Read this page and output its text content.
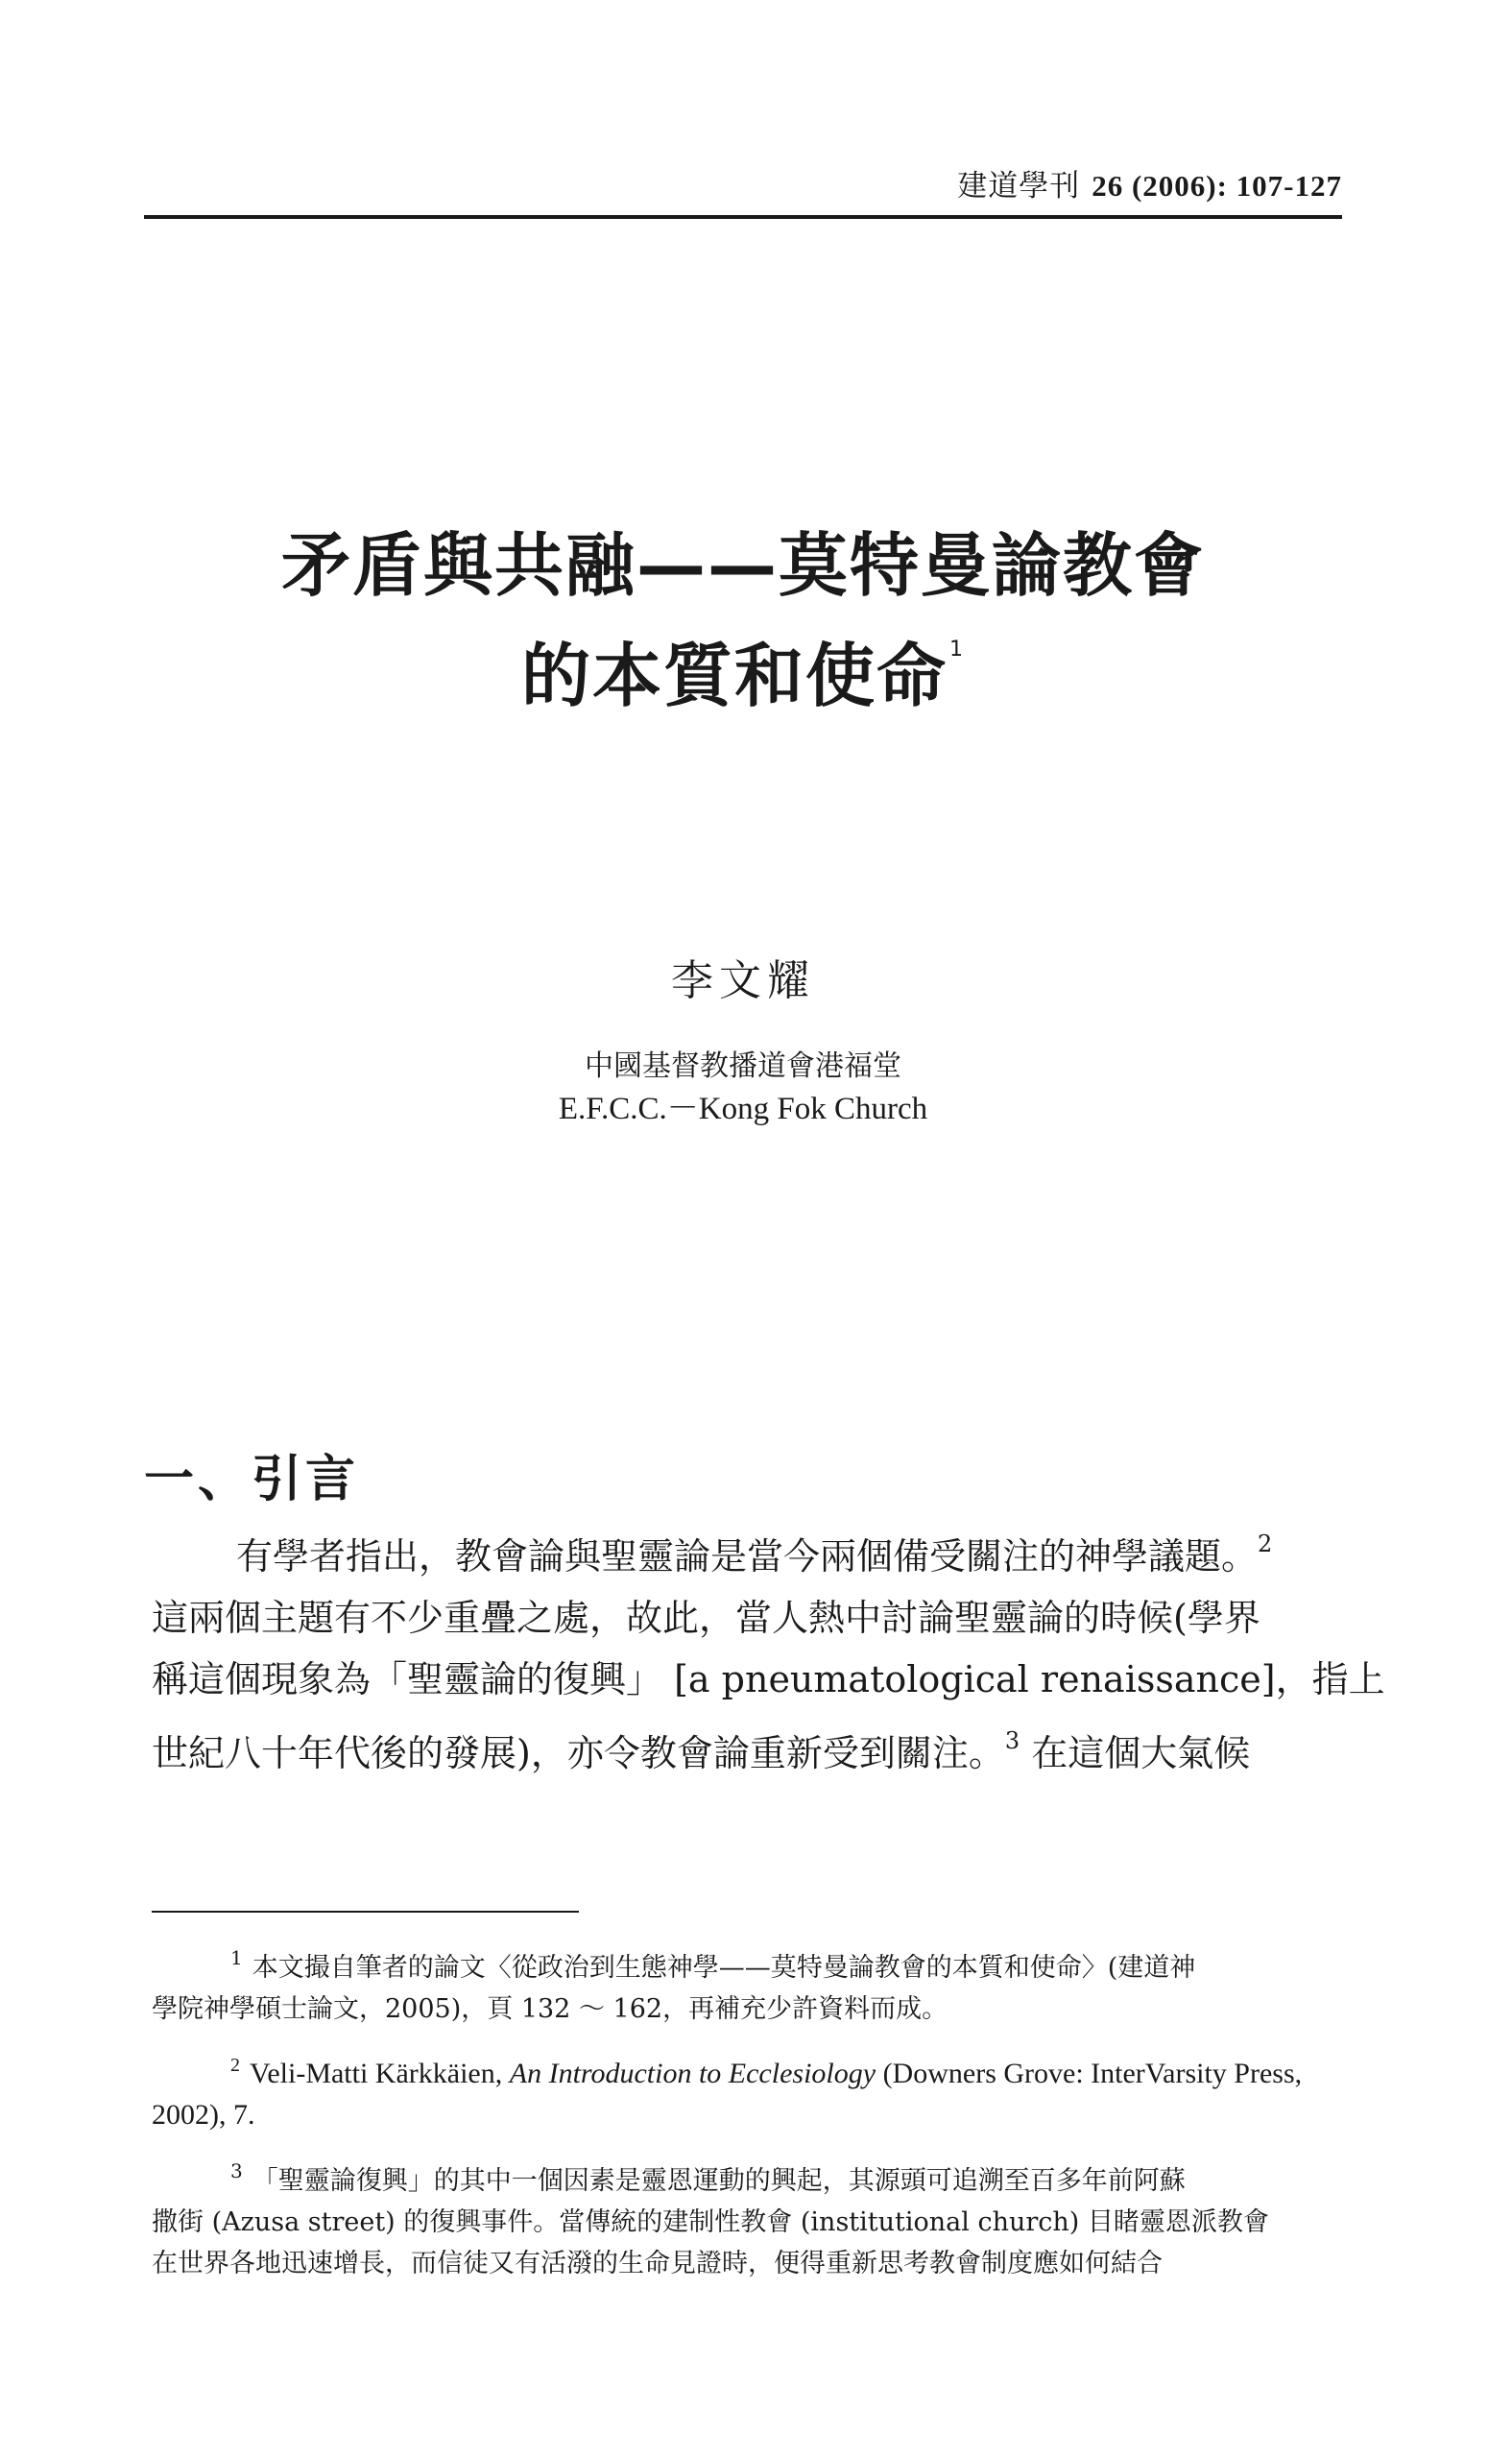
建道學刊 26 (2006): 107-127
矛盾與共融——莫特曼論教會
的本質和使命$^1$
李文耀
中國基督教播道會港福堂
E.F.C.C.－Kong Fok Church
一、引言
有學者指出，教會論與聖靈論是當今兩個備受關注的神學議題。$^2$
這兩個主題有不少重疊之處，故此，當人熱中討論聖靈論的時候(學界
稱這個現象為「聖靈論的復興」 [a pneumatological renaissance]，指上
世紀八十年代後的發展)，亦令教會論重新受到關注。$^3$ 在這個大氣候
$^1$ 本文撮自筆者的論文〈從政治到生態神學——莫特曼論教會的本質和使命〉(建道神
學院神學碩士論文，2005)，頁 132 ～ 162，再補充少許資料而成。
$^2$ Veli-Matti Kärkkäien, An Introduction to Ecclesiology (Downers Grove: InterVarsity Press,
2002), 7.
$^3$ 「聖靈論復興」的其中一個因素是靈恩運動的興起，其源頭可追溯至百多年前阿蘇
撒街 (Azusa street) 的復興事件。當傳統的建制性教會 (institutional church) 目睹靈恩派教會
在世界各地迅速增長，而信徒又有活潑的生命見證時，便得重新思考教會制度應如何結合
